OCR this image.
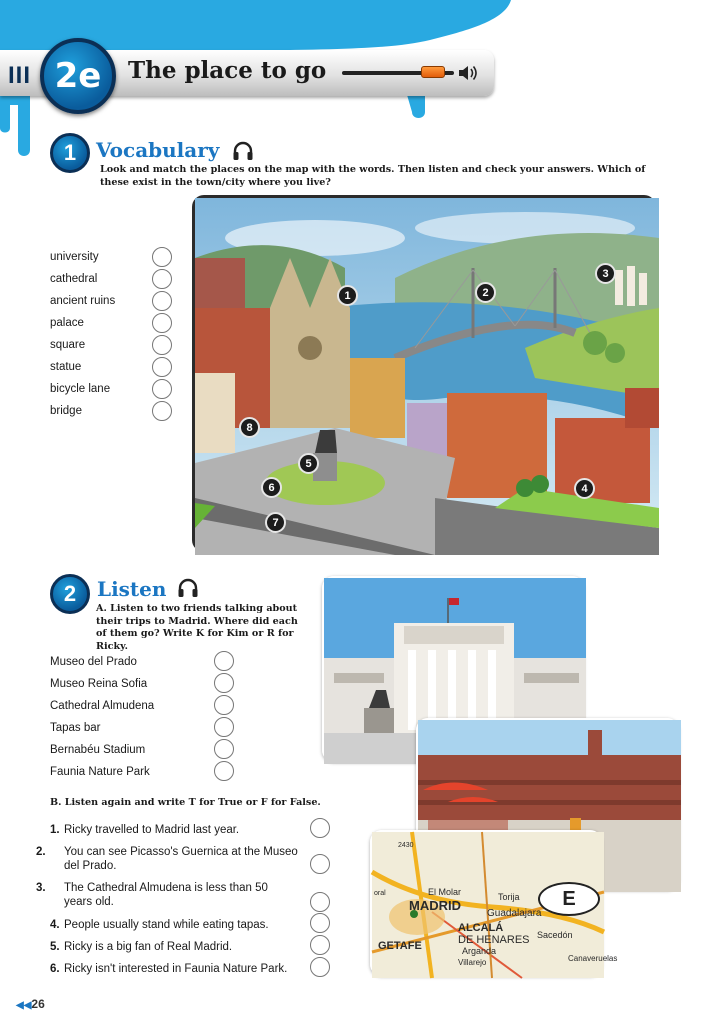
III 2e	The place to go
1 Vocabulary
Look and match the places on the map with the words. Then listen and check your answers. Which of these exist in the town/city where you live?
university
cathedral
ancient ruins
palace
square
statue
bicycle lane
bridge
1	2
3
4
5
6
7
8
2	Listen
A. Listen to two friends talking about their trips to Madrid. Where did each of them go? Write K for Kim or R for Ricky.
Museo del Prado
Museo Reina Sofia
Cathedral Almudena
Tapas bar
Bernabéu Stadium
Faunia Nature Park
B. Listen again and write T for True or F for False.
1. Ricky travelled to Madrid last year.
2. You can see Picasso's Guernica at the Museo del Prado.
3. The Cathedral Almudena is less than 50 years old.
4. People usually stand while eating tapas.
5. Ricky is a big fan of Real Madrid.
6. Ricky isn't interested in Faunia Nature Park.
MADRID
Guadalajara
ALCALÁ
DE HENARES
GETAFE
El Molar	Torija
Arganda
Sacedón
Villarejo	Canaveruelas
2430
oral	E
◀◀26
